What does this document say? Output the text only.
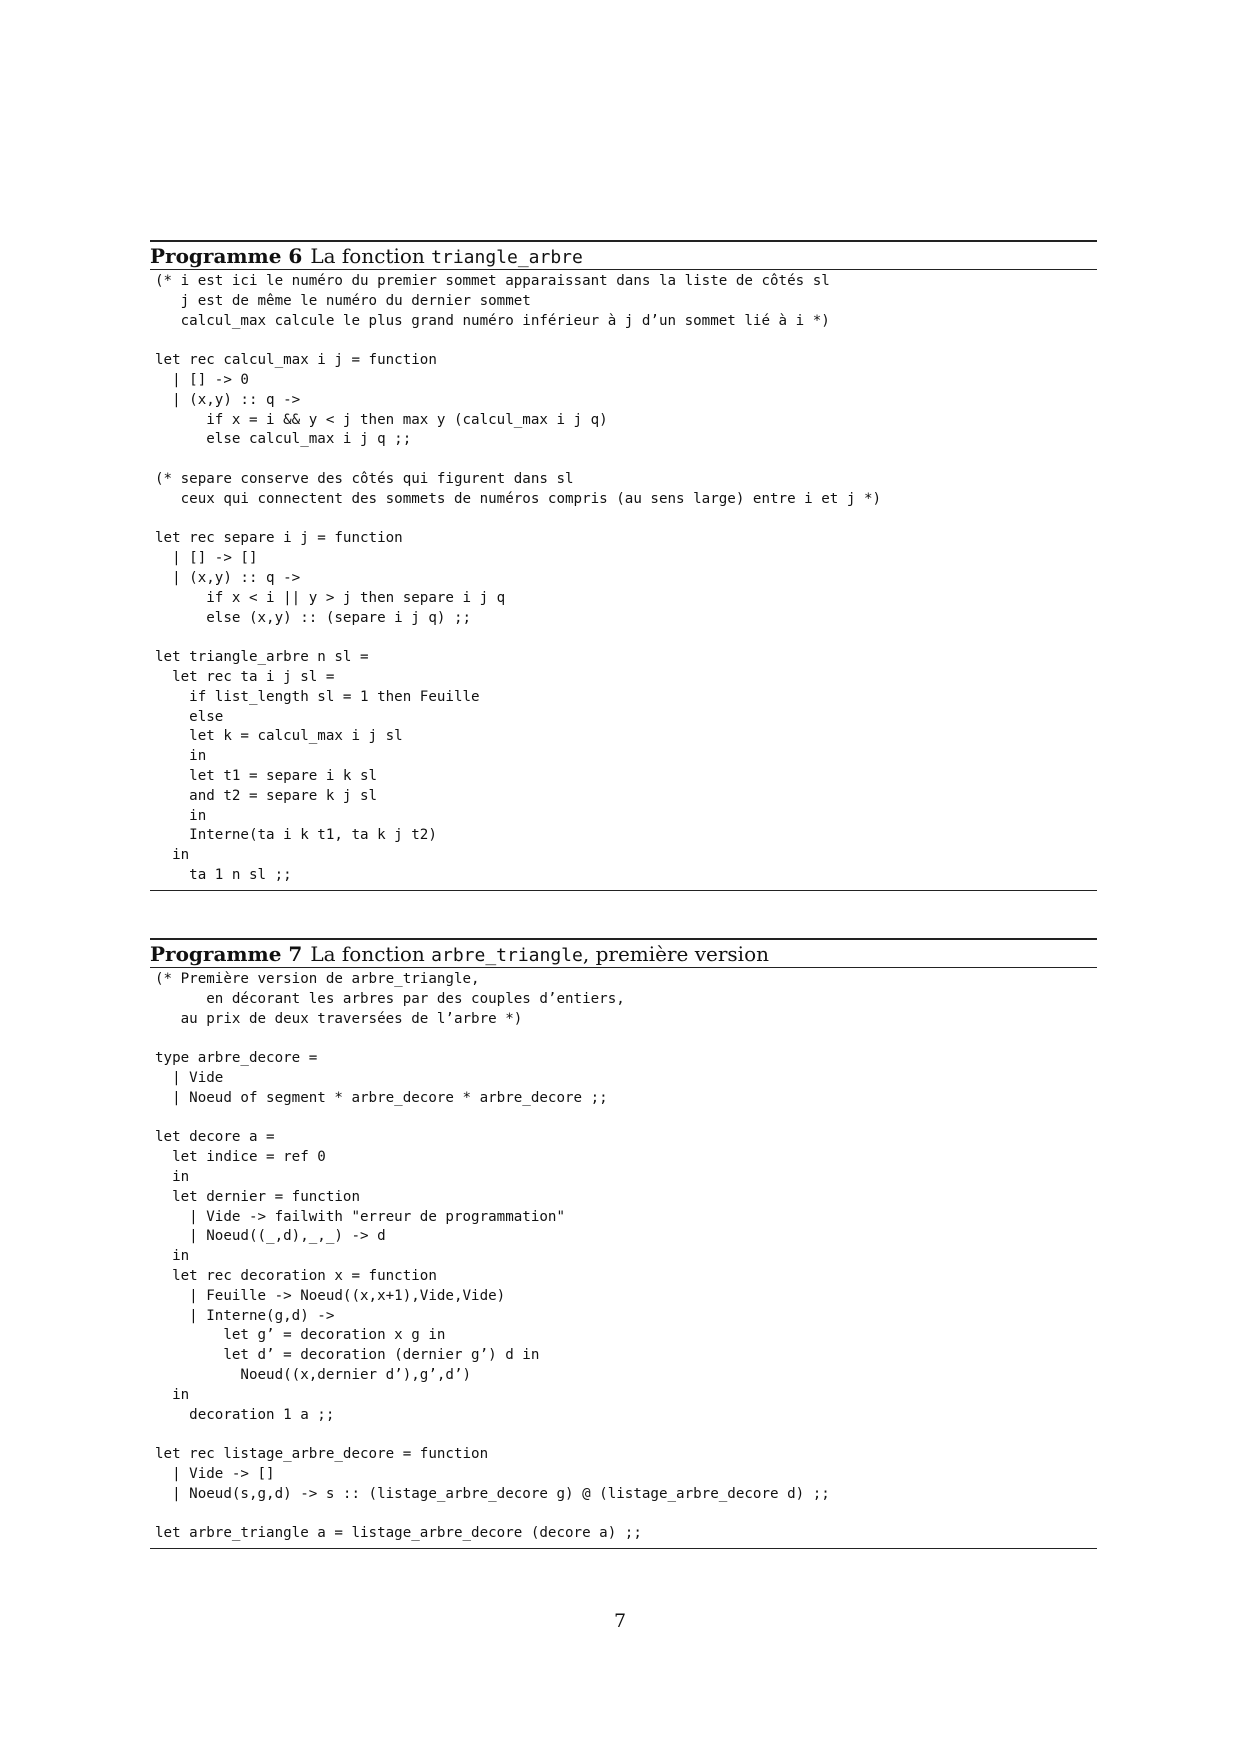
Programme 6 La fonction triangle_arbre
(* i est ici le numéro du premier sommet apparaissant dans la liste de côtés sl
j est de même le numéro du dernier sommet
calcul_max calcule le plus grand numéro inférieur à j d’un sommet lié à i *)

let rec calcul_max i j = function
| [] -> 0
| (x,y) :: q ->
if x = i && y < j then max y (calcul_max i j q)
else calcul_max i j q ;;

(* separe conserve des côtés qui figurent dans sl
ceux qui connectent des sommets de numéros compris (au sens large) entre i et j *)

let rec separe i j = function
| [] -> []
| (x,y) :: q ->
if x < i || y > j then separe i j q
else (x,y) :: (separe i j q) ;;

let triangle_arbre n sl =
let rec ta i j sl =
if list_length sl = 1 then Feuille
else
let k = calcul_max i j sl
in
let t1 = separe i k sl
and t2 = separe k j sl
in
Interne(ta i k t1, ta k j t2)
in
ta 1 n sl ;;
Programme 7 La fonction arbre_triangle, première version
(* Première version de arbre_triangle,
en décorant les arbres par des couples d’entiers,
au prix de deux traversées de l’arbre *)

type arbre_decore =
| Vide
| Noeud of segment * arbre_decore * arbre_decore ;;

let decore a =
let indice = ref 0
in
let dernier = function
| Vide -> failwith "erreur de programmation"
| Noeud((_,d),_,_) -> d
in
let rec decoration x = function
| Feuille -> Noeud((x,x+1),Vide,Vide)
| Interne(g,d) ->
let g’ = decoration x g in
let d’ = decoration (dernier g’) d in
Noeud((x,dernier d’),g’,d’)
in
decoration 1 a ;;

let rec listage_arbre_decore = function
| Vide -> []
| Noeud(s,g,d) -> s :: (listage_arbre_decore g) @ (listage_arbre_decore d) ;;

let arbre_triangle a = listage_arbre_decore (decore a) ;;
7
